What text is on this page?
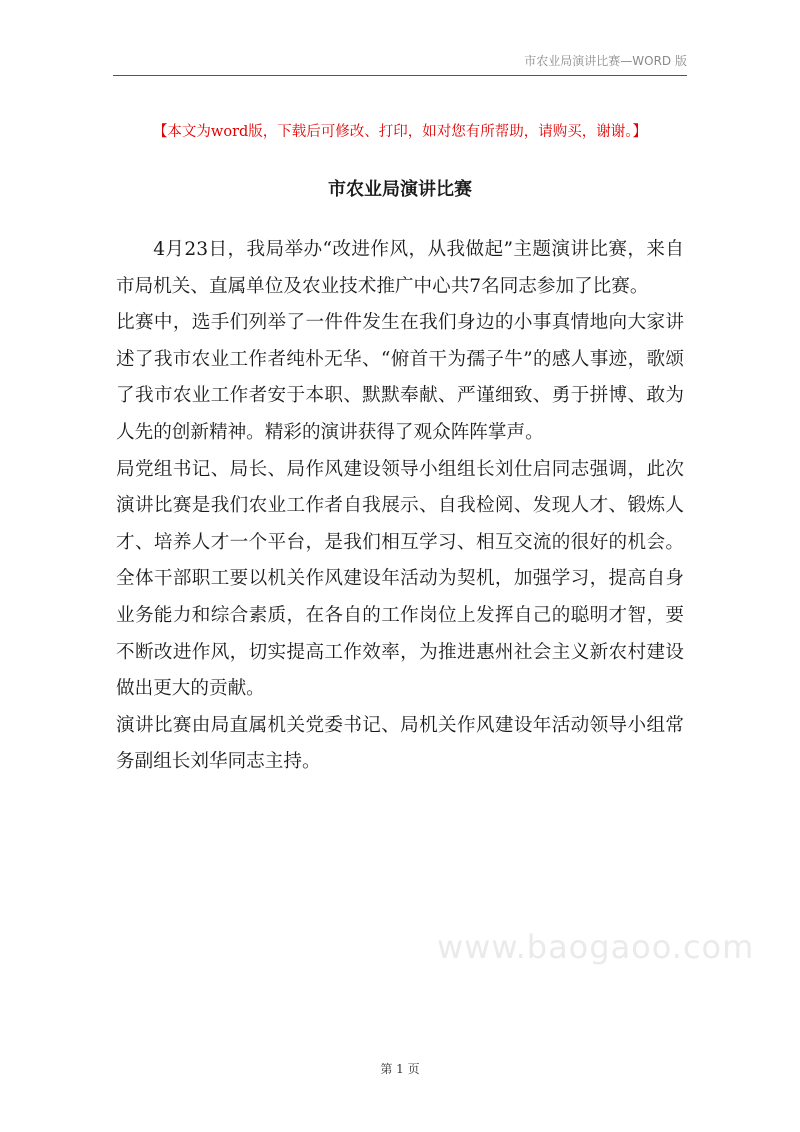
市农业局演讲比赛—WORD 版
【本文为word版，下载后可修改、打印，如对您有所帮助，请购买，谢谢。】
市农业局演讲比赛

4月23日，我局举办“改进作风，从我做起”主题演讲比赛，来自市局机关、直属单位及农业技术推广中心共7名同志参加了比赛。

比赛中，选手们列举了一件件发生在我们身边的小事真情地向大家讲述了我市农业工作者纯朴无华、“俯首干为孺子牛”的感人事迹，歌颂了我市农业工作者安于本职、默默奉献、严谨细致、勇于拼博、敢为人先的创新精神。精彩的演讲获得了观众阵阵掌声。

局党组书记、局长、局作风建设领导小组组长刘仕启同志强调，此次演讲比赛是我们农业工作者自我展示、自我检阅、发现人才、锻炼人才、培养人才一个平台，是我们相互学习、相互交流的很好的机会。全体干部职工要以机关作风建设年活动为契机，加强学习，提高自身业务能力和综合素质，在各自的工作岗位上发挥自己的聪明才智，要不断改进作风，切实提高工作效率，为推进惠州社会主义新农村建设做出更大的贡献。

演讲比赛由局直属机关党委书记、局机关作风建设年活动领导小组常务副组长刘华同志主持。

www.baogaoo.com
第 1 页
